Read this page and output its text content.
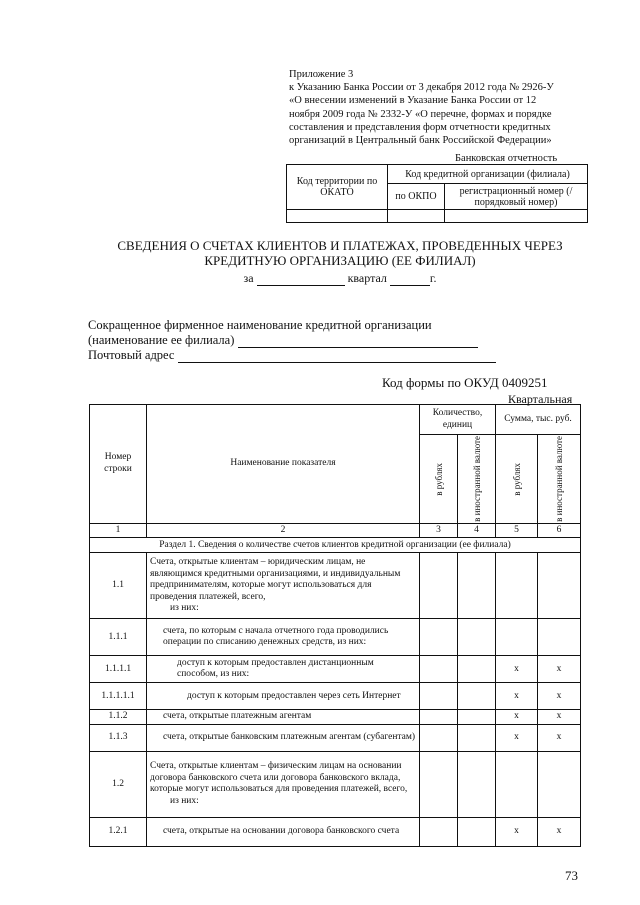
Приложение 3
к Указанию Банка России от 3 декабря 2012 года № 2926-У
«О внесении изменений в Указание Банка России от 12
ноября 2009 года № 2332-У «О перечне, формах и порядке
составления и представления форм отчетности кредитных
организаций в Центральный банк Российской Федерации»
Банковская отчетность
Код территории по ОКАТО	Код кредитной организации (филиала)	
	по ОКПО	регистрационный номер (/порядковый номер)

СВЕДЕНИЯ О СЧЕТАХ КЛИЕНТОВ И ПЛАТЕЖАХ, ПРОВЕДЕННЫХ ЧЕРЕЗ
КРЕДИТНУЮ ОРГАНИЗАЦИЮ (ЕЕ ФИЛИАЛ)
за	квартал	г.
Сокращенное фирменное наименование кредитной организации
(наименование ее филиала)
Почтовый адрес
Код формы по ОКУД 0409251
Квартальная
Номер строки	Наименование показателя	Количество, единиц		Сумма, тыс. руб.	

		в рублях	в иностранной валюте	в рублях	в иностранной валюте

1	2	3	4	5	6
Раздел 1. Сведения о количестве счетов клиентов кредитной организации (ее филиала)					
1.1	Счета, открытые клиентам – юридическим лицам, не являющимся кредитными организациями, и индивидуальным предпринимателям, которые могут использоваться для проведения платежей, всего,
из них:				

1.1.1	счета, по которым с начала отчетного года проводились операции по списанию денежных средств, из них:				
1.1.1.1	доступ к которым предоставлен дистанционным способом, из них:			х	х
1.1.1.1.1	доступ к которым предоставлен через сеть Интернет			х	х
1.1.2	счета, открытые платежным агентам			х	х
1.1.3	счета, открытые банковским платежным агентам (субагентам)			х	х
1.2	Счета, открытые клиентам – физическим лицам на основании договора банковского счета или договора банковского вклада, которые могут использоваться для проведения платежей, всего,
из них:				

1.2.1	счета, открытые на основании договора банковского счета			х	х
73
